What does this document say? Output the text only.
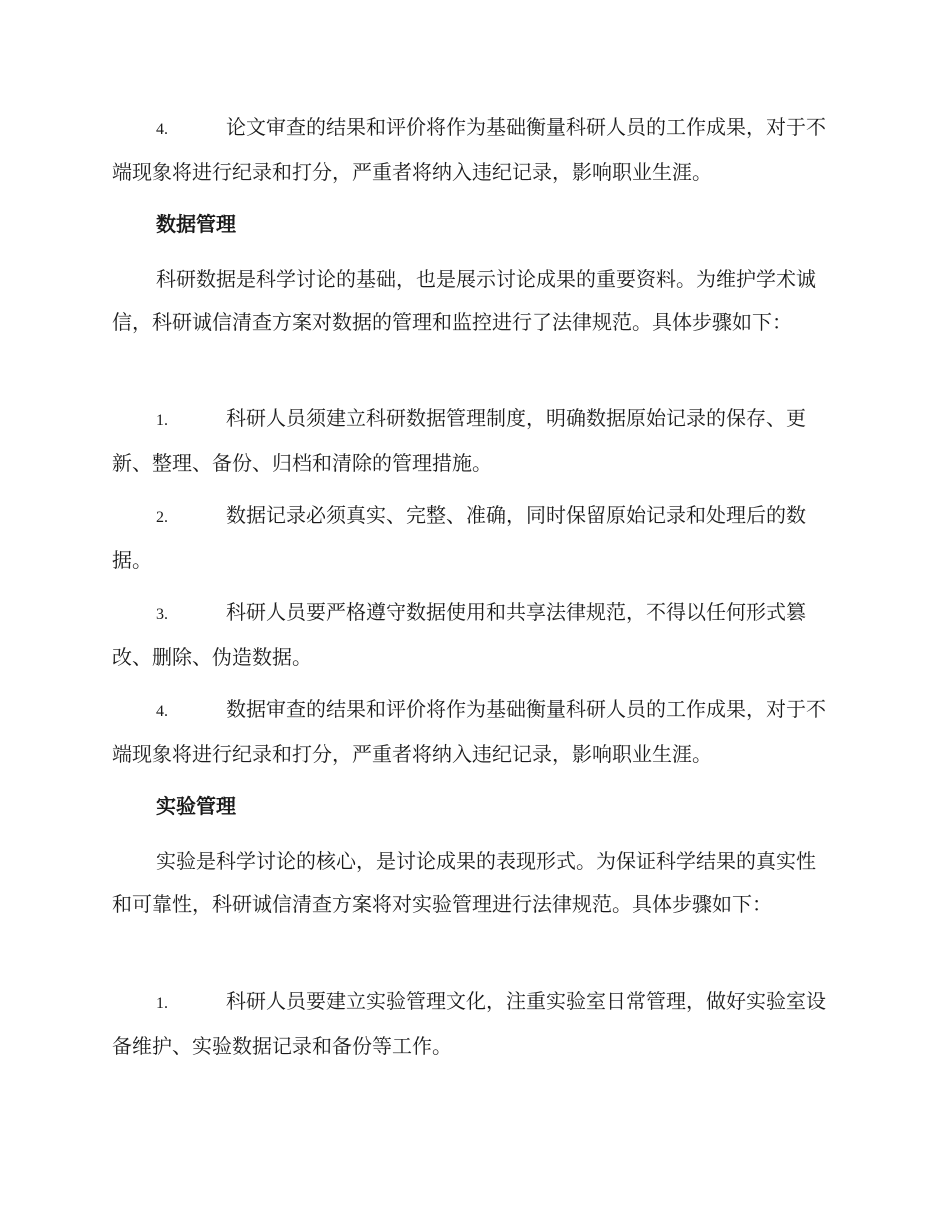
4.	论文审查的结果和评价将作为基础衡量科研人员的工作成果，对于不端现象将进行纪录和打分，严重者将纳入违纪记录，影响职业生涯。
数据管理
科研数据是科学讨论的基础，也是展示讨论成果的重要资料。为维护学术诚信，科研诚信清查方案对数据的管理和监控进行了法律规范。具体步骤如下：
1.	科研人员须建立科研数据管理制度，明确数据原始记录的保存、更新、整理、备份、归档和清除的管理措施。
2.	数据记录必须真实、完整、准确，同时保留原始记录和处理后的数据。
3.	科研人员要严格遵守数据使用和共享法律规范，不得以任何形式篡改、删除、伪造数据。
4.	数据审查的结果和评价将作为基础衡量科研人员的工作成果，对于不端现象将进行纪录和打分，严重者将纳入违纪记录，影响职业生涯。
实验管理
实验是科学讨论的核心，是讨论成果的表现形式。为保证科学结果的真实性和可靠性，科研诚信清查方案将对实验管理进行法律规范。具体步骤如下：
1.	科研人员要建立实验管理文化，注重实验室日常管理，做好实验室设备维护、实验数据记录和备份等工作。
